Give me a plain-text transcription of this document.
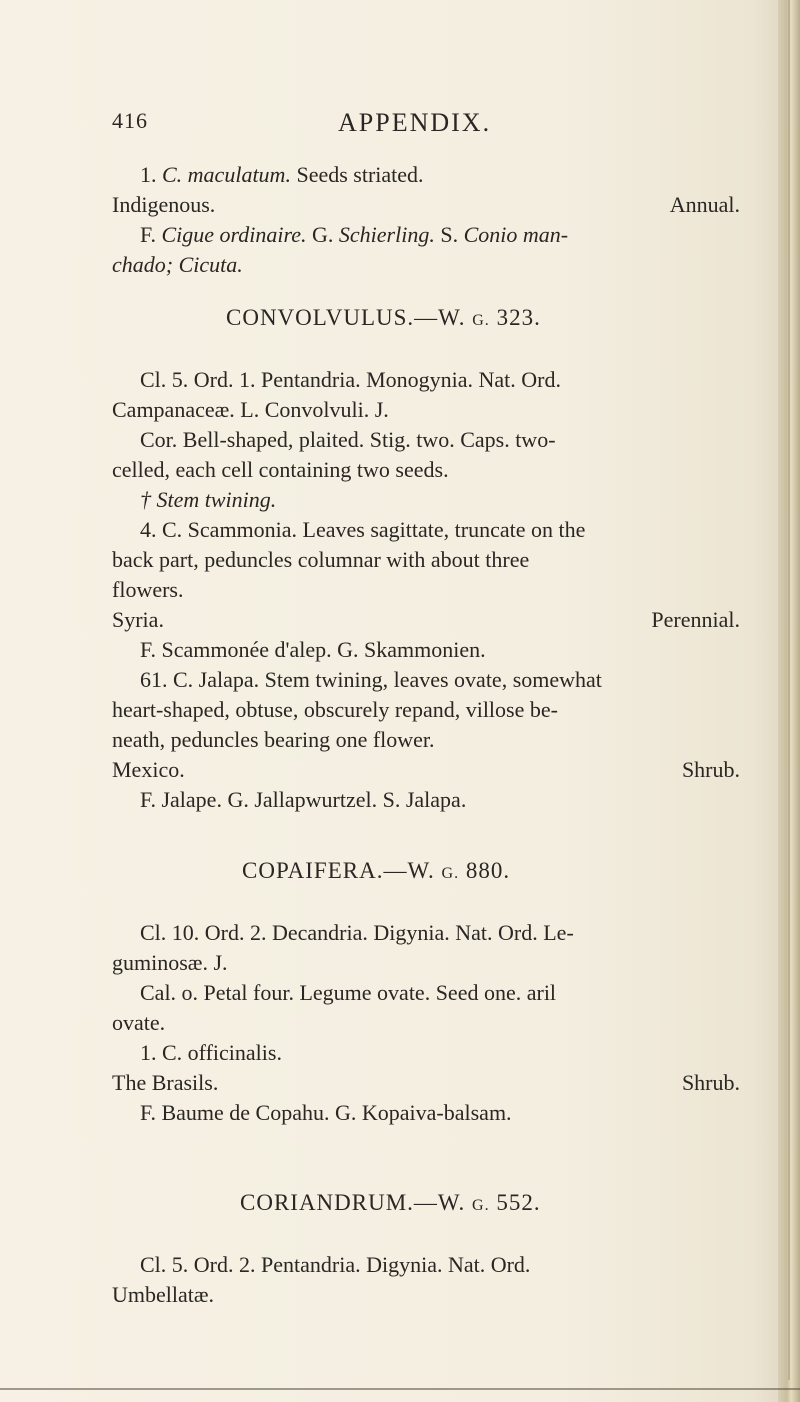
416	APPENDIX.
1. C. maculatum. Seeds striated.
Indigenous.	Annual.
F. Cigue ordinaire. G. Schierling. S. Conio man-
chado; Cicuta.
CONVOLVULUS.—W. G. 323.
Cl. 5. Ord. 1. Pentandria. Monogynia. Nat. Ord.
Campanaceæ. L. Convolvuli. J.
Cor. Bell-shaped, plaited. Stig. two. Caps. two-
celled, each cell containing two seeds.
† Stem twining.
4. C. Scammonia. Leaves sagittate, truncate on the
back part, peduncles columnar with about three
flowers.
Syria.	Perennial.
F. Scammonée d'alep. G. Skammonien.
61. C. Jalapa. Stem twining, leaves ovate, somewhat
heart-shaped, obtuse, obscurely repand, villose be-
neath, peduncles bearing one flower.
Mexico.	Shrub.
F. Jalape. G. Jallapwurtzel. S. Jalapa.
COPAIFERA.—W. G. 880.
Cl. 10. Ord. 2. Decandria. Digynia. Nat. Ord. Le-
guminosæ. J.
Cal. o. Petal four. Legume ovate. Seed one. aril
ovate.
1. C. officinalis.
The Brasils.	Shrub.
F. Baume de Copahu. G. Kopaiva-balsam.
CORIANDRUM.—W. G. 552.
Cl. 5. Ord. 2. Pentandria. Digynia. Nat. Ord.
Umbellatæ.
